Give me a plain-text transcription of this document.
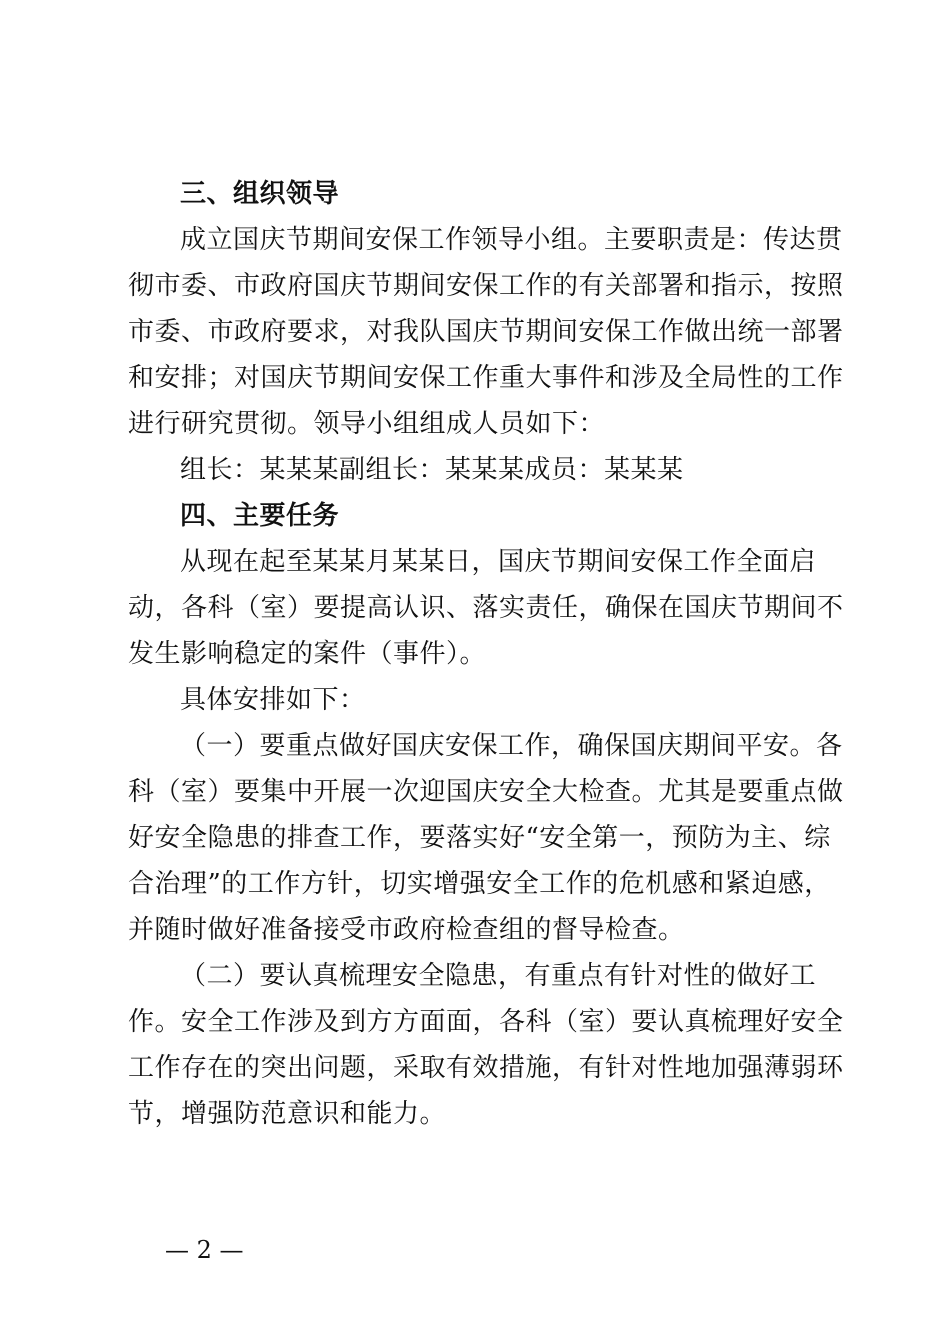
三、组织领导
成立国庆节期间安保工作领导小组。主要职责是：传达贯
彻市委、市政府国庆节期间安保工作的有关部署和指示，按照
市委、市政府要求，对我队国庆节期间安保工作做出统一部署
和安排；对国庆节期间安保工作重大事件和涉及全局性的工作
进行研究贯彻。领导小组组成人员如下：
组长：某某某副组长：某某某成员：某某某
四、主要任务
从现在起至某某月某某日，国庆节期间安保工作全面启
动，各科（室）要提高认识、落实责任，确保在国庆节期间不
发生影响稳定的案件（事件）。
具体安排如下：
（一）要重点做好国庆安保工作，确保国庆期间平安。各
科（室）要集中开展一次迎国庆安全大检查。尤其是要重点做
好安全隐患的排查工作，要落实好“安全第一，预防为主、综
合治理”的工作方针，切实增强安全工作的危机感和紧迫感，
并随时做好准备接受市政府检查组的督导检查。
（二）要认真梳理安全隐患，有重点有针对性的做好工
作。安全工作涉及到方方面面，各科（室）要认真梳理好安全
工作存在的突出问题，采取有效措施，有针对性地加强薄弱环
节，增强防范意识和能力。
— 2 —
